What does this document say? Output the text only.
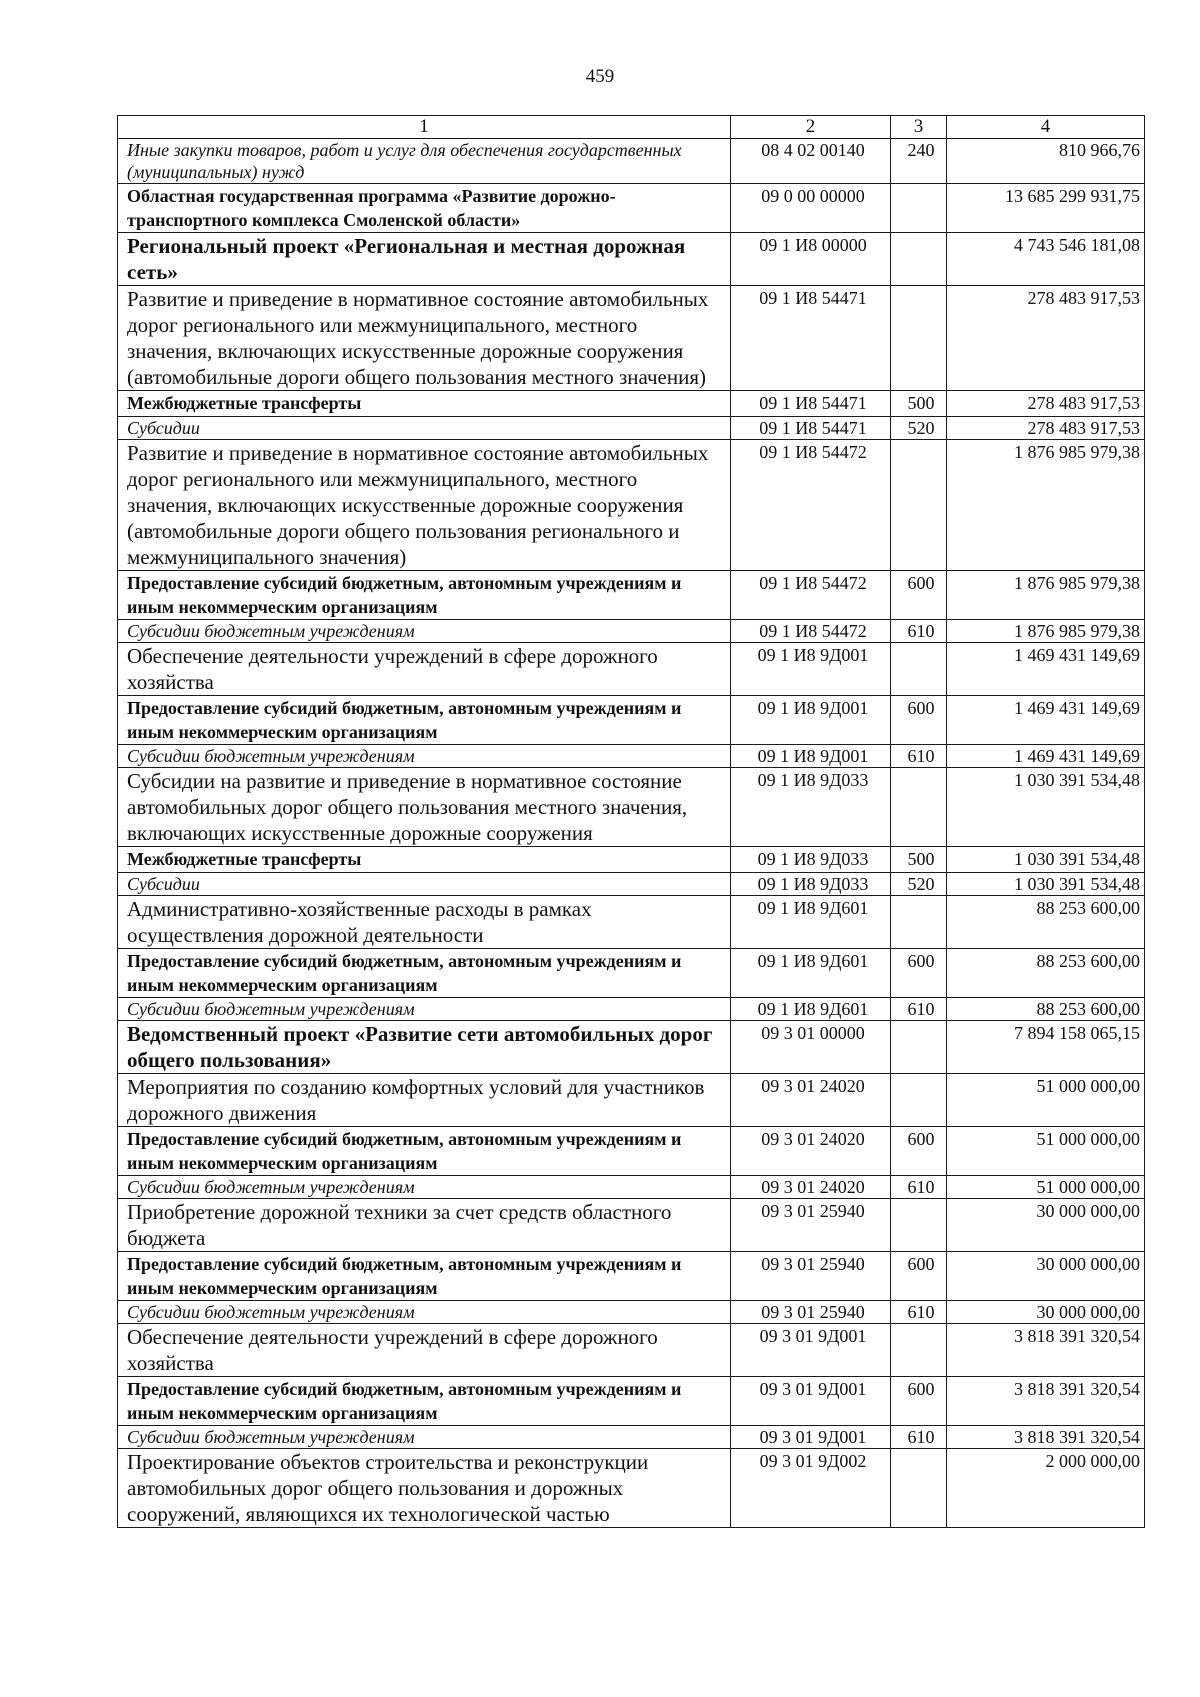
459
1	2	3	4
Иные закупки товаров, работ и услуг для обеспечения государственных (муниципальных) нужд	08 4 02 00140	240	810 966,76
Областная государственная программа «Развитие дорожно-транспортного комплекса Смоленской области»	09 0 00 00000		13 685 299 931,75
Региональный проект «Региональная и местная дорожная сеть»	09 1 И8 00000		4 743 546 181,08
Развитие и приведение в нормативное состояние автомобильных дорог регионального или межмуниципального, местного значения, включающих искусственные дорожные сооружения (автомобильные дороги общего пользования местного значения)	09 1 И8 54471		278 483 917,53
Межбюджетные трансферты	09 1 И8 54471	500	278 483 917,53
Субсидии	09 1 И8 54471	520	278 483 917,53
Развитие и приведение в нормативное состояние автомобильных дорог регионального или межмуниципального, местного значения, включающих искусственные дорожные сооружения (автомобильные дороги общего пользования регионального и межмуниципального значения)	09 1 И8 54472		1 876 985 979,38
Предоставление субсидий бюджетным, автономным учреждениям и иным некоммерческим организациям	09 1 И8 54472	600	1 876 985 979,38
Субсидии бюджетным учреждениям	09 1 И8 54472	610	1 876 985 979,38
Обеспечение деятельности учреждений в сфере дорожного хозяйства	09 1 И8 9Д001		1 469 431 149,69
Предоставление субсидий бюджетным, автономным учреждениям и иным некоммерческим организациям	09 1 И8 9Д001	600	1 469 431 149,69
Субсидии бюджетным учреждениям	09 1 И8 9Д001	610	1 469 431 149,69
Субсидии на развитие и приведение в нормативное состояние автомобильных дорог общего пользования местного значения, включающих искусственные дорожные сооружения	09 1 И8 9Д033		1 030 391 534,48
Межбюджетные трансферты	09 1 И8 9Д033	500	1 030 391 534,48
Субсидии	09 1 И8 9Д033	520	1 030 391 534,48
Административно-хозяйственные расходы в рамках осуществления дорожной деятельности	09 1 И8 9Д601		88 253 600,00
Предоставление субсидий бюджетным, автономным учреждениям и иным некоммерческим организациям	09 1 И8 9Д601	600	88 253 600,00
Субсидии бюджетным учреждениям	09 1 И8 9Д601	610	88 253 600,00
Ведомственный проект «Развитие сети автомобильных дорог общего пользования»	09 3 01 00000		7 894 158 065,15
Мероприятия по созданию комфортных условий для участников дорожного движения	09 3 01 24020		51 000 000,00
Предоставление субсидий бюджетным, автономным учреждениям и иным некоммерческим организациям	09 3 01 24020	600	51 000 000,00
Субсидии бюджетным учреждениям	09 3 01 24020	610	51 000 000,00
Приобретение дорожной техники за счет средств областного бюджета	09 3 01 25940		30 000 000,00
Предоставление субсидий бюджетным, автономным учреждениям и иным некоммерческим организациям	09 3 01 25940	600	30 000 000,00
Субсидии бюджетным учреждениям	09 3 01 25940	610	30 000 000,00
Обеспечение деятельности учреждений в сфере дорожного хозяйства	09 3 01 9Д001		3 818 391 320,54
Предоставление субсидий бюджетным, автономным учреждениям и иным некоммерческим организациям	09 3 01 9Д001	600	3 818 391 320,54
Субсидии бюджетным учреждениям	09 3 01 9Д001	610	3 818 391 320,54
Проектирование объектов строительства и реконструкции автомобильных дорог общего пользования и дорожных сооружений, являющихся их технологической частью	09 3 01 9Д002		2 000 000,00
